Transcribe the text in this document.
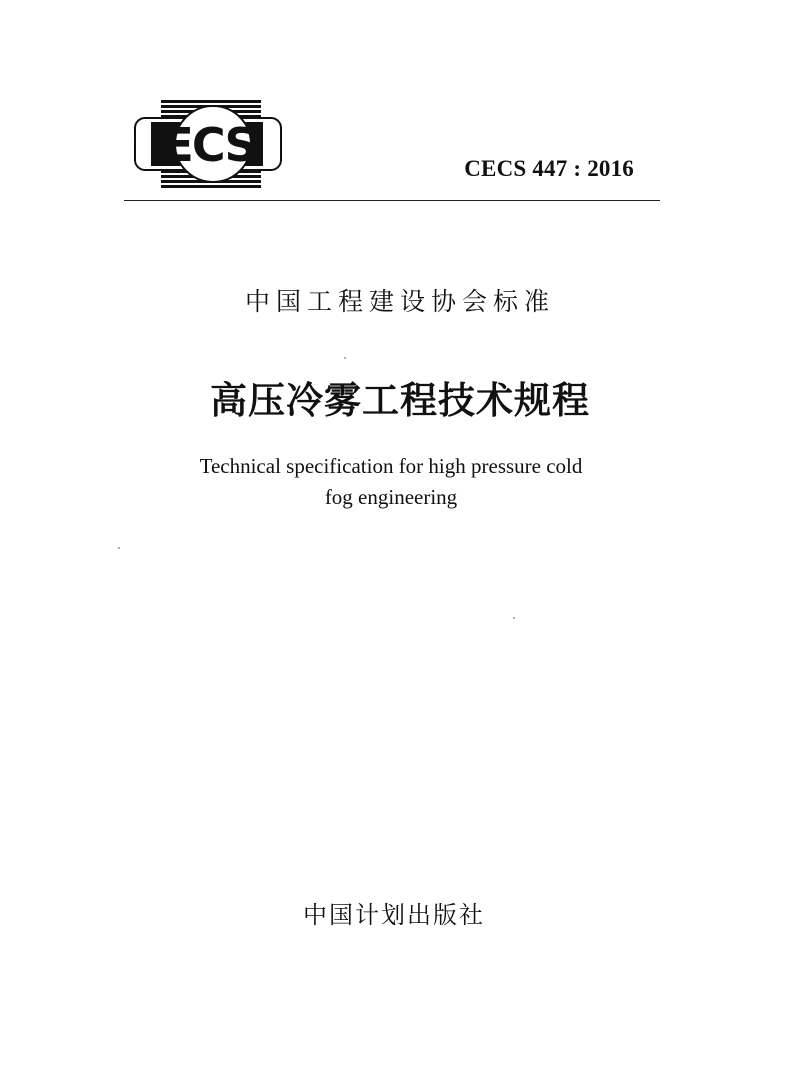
ECS	CECS 447 : 2016
中国工程建设协会标准
高压冷雾工程技术规程
Technical specification for high pressure cold
fog engineering
中国计划出版社
